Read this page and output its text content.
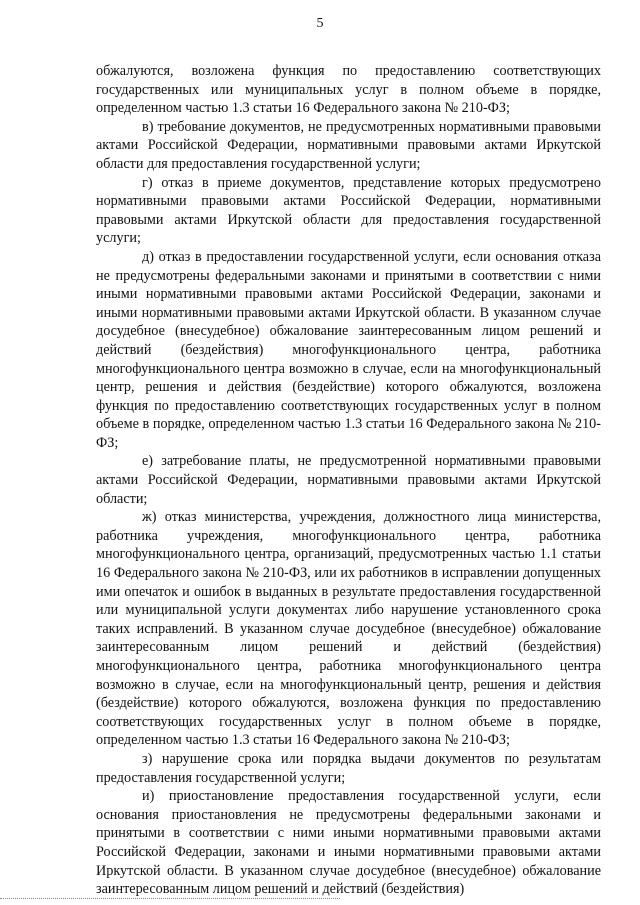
5

обжалуются, возложена функция по предоставлению соответствующих государственных или муниципальных услуг в полном объеме в порядке, определенном частью 1.3 статьи 16 Федерального закона № 210-ФЗ;

в) требование документов, не предусмотренных нормативными правовыми актами Российской Федерации, нормативными правовыми актами Иркутской области для предоставления государственной услуги;

г) отказ в приеме документов, представление которых предусмотрено нормативными правовыми актами Российской Федерации, нормативными правовыми актами Иркутской области для предоставления государственной услуги;

д) отказ в предоставлении государственной услуги, если основания отказа не предусмотрены федеральными законами и принятыми в соответствии с ними иными нормативными правовыми актами Российской Федерации, законами и иными нормативными правовыми актами Иркутской области. В указанном случае досудебное (внесудебное) обжалование заинтересованным лицом решений и действий (бездействия) многофункционального центра, работника многофункционального центра возможно в случае, если на многофункциональный центр, решения и действия (бездействие) которого обжалуются, возложена функция по предоставлению соответствующих государственных услуг в полном объеме в порядке, определенном частью 1.3 статьи 16 Федерального закона № 210-ФЗ;

е) затребование платы, не предусмотренной нормативными правовыми актами Российской Федерации, нормативными правовыми актами Иркутской области;

ж) отказ министерства, учреждения, должностного лица министерства, работника учреждения, многофункционального центра, работника многофункционального центра, организаций, предусмотренных частью 1.1 статьи 16 Федерального закона № 210-ФЗ, или их работников в исправлении допущенных ими опечаток и ошибок в выданных в результате предоставления государственной или муниципальной услуги документах либо нарушение установленного срока таких исправлений. В указанном случае досудебное (внесудебное) обжалование заинтересованным лицом решений и действий (бездействия) многофункционального центра, работника многофункционального центра возможно в случае, если на многофункциональный центр, решения и действия (бездействие) которого обжалуются, возложена функция по предоставлению соответствующих государственных услуг в полном объеме в порядке, определенном частью 1.3 статьи 16 Федерального закона № 210-ФЗ;

з) нарушение срока или порядка выдачи документов по результатам предоставления государственной услуги;

и) приостановление предоставления государственной услуги, если основания приостановления не предусмотрены федеральными законами и принятыми в соответствии с ними иными нормативными правовыми актами Российской Федерации, законами и иными нормативными правовыми актами Иркутской области. В указанном случае досудебное (внесудебное) обжалование заинтересованным лицом решений и действий (бездействия)
